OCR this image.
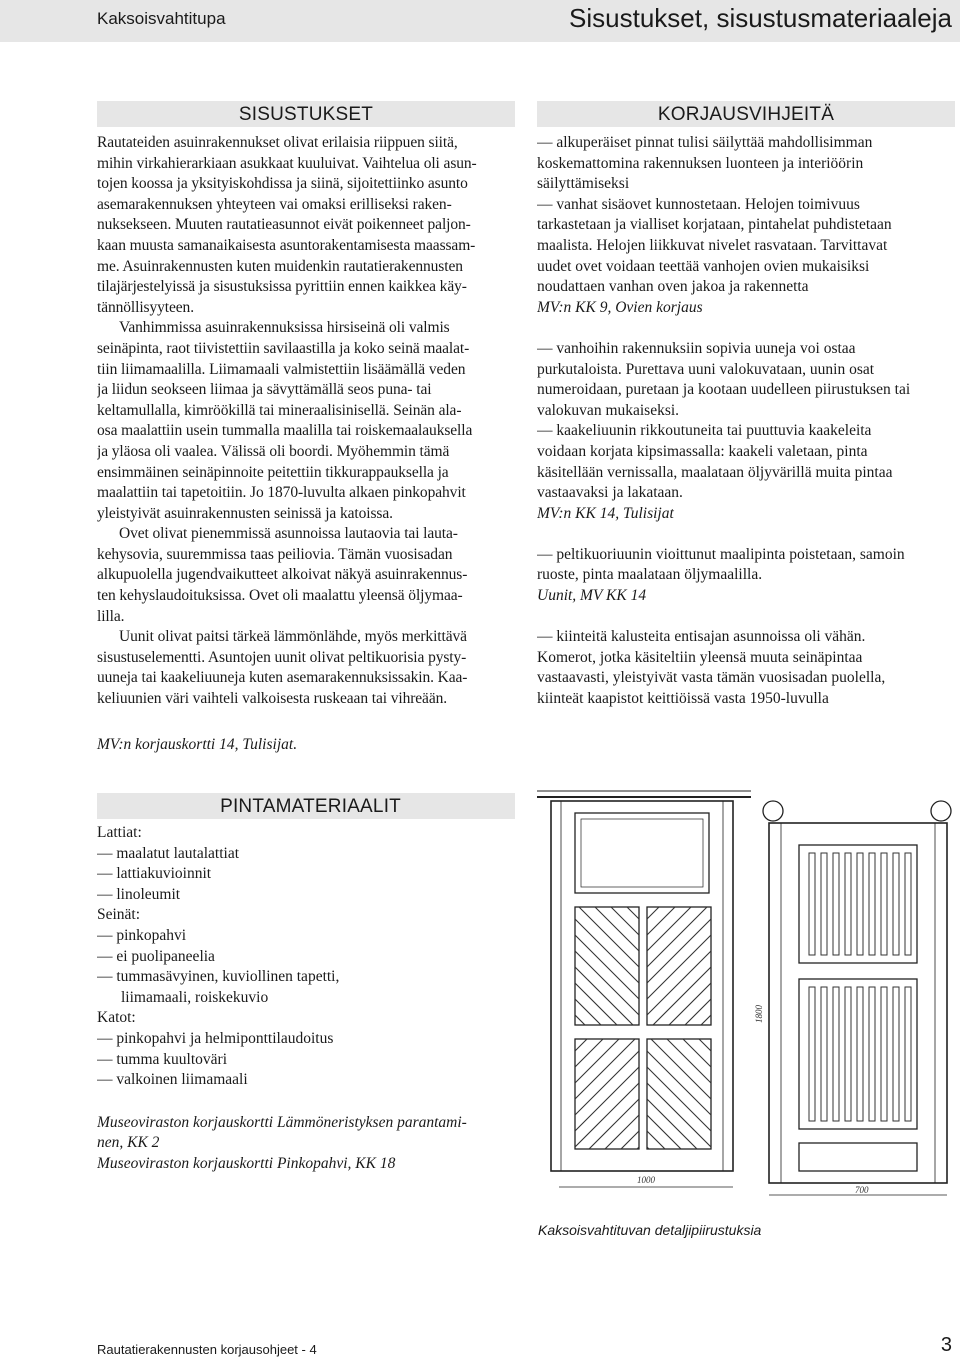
Kaksoisvahtitupa	Sisustukset, sisustusmateriaaleja
SISUSTUKSET
Rautateiden asuinrakennukset olivat erilaisia riippuen siitä,
mihin virkahierarkiaan asukkaat kuuluivat. Vaihtelua oli asun-
tojen koossa ja yksityiskohdissa ja siinä, sijoitettiinko asunto
asemarakennuksen yhteyteen vai omaksi erilliseksi raken-
nuksekseen. Muuten rautatieasunnot eivät poikenneet paljon-
kaan muusta samanaikaisesta asuntorakentamisesta maassam-
me. Asuinrakennusten kuten muidenkin rautatierakennusten
tilajärjestelyissä ja sisustuksissa pyrittiin ennen kaikkea käy-
tännöllisyyteen.
Vanhimmissa asuinrakennuksissa hirsiseinä oli valmis
seinäpinta, raot tiivistettiin savilaastilla ja koko seinä maalat-
tiin liimamaalilla. Liimamaali valmistettiin lisäämällä veden
ja liidun seokseen liimaa ja sävyttämällä seos puna- tai
keltamullalla, kimröökillä tai mineraalisinisellä. Seinän ala-
osa maalattiin usein tummalla maalilla tai roiskemaalauksella
ja yläosa oli vaalea. Välissä oli boordi. Myöhemmin tämä
ensimmäinen seinäpinnoite peitettiin tikkurappauksella ja
maalattiin tai tapetoitiin. Jo 1870-luvulta alkaen pinkopahvit
yleistyivät asuinrakennusten seinissä ja katoissa.
Ovet olivat pienemmissä asunnoissa lautaovia tai lauta-
kehysovia, suuremmissa taas peiliovia. Tämän vuosisadan
alkupuolella jugendvaikutteet alkoivat näkyä asuinrakennus-
ten kehyslaudoituksissa. Ovet oli maalattu yleensä öljymaa-
lilla.
Uunit olivat paitsi tärkeä lämmönlähde, myös merkittävä
sisustuselementti. Asuntojen uunit olivat peltikuorisia pysty-
uuneja tai kaakeliuuneja kuten asemarakennuksissakin. Kaa-
keliuunien väri vaihteli valkoisesta ruskeaan tai vihreään.
MV:n korjauskortti 14, Tulisijat.
KORJAUSVIHJEITÄ
— alkuperäiset pinnat tulisi säilyttää mahdollisimman
koskemattomina rakennuksen luonteen ja interiöörin
säilyttämiseksi
— vanhat sisäovet kunnostetaan. Helojen toimivuus
tarkastetaan ja vialliset korjataan, pintahelat puhdistetaan
maalista. Helojen liikkuvat nivelet rasvataan. Tarvittavat
uudet ovet voidaan teettää vanhojen ovien mukaisiksi
noudattaen vanhan oven jakoa ja rakennetta
MV:n KK 9, Ovien korjaus

— vanhoihin rakennuksiin sopivia uuneja voi ostaa
purkutaloista. Purettava uuni valokuvataan, uunin osat
numeroidaan, puretaan ja kootaan uudelleen piirustuksen tai
valokuvan mukaiseksi.
— kaakeliuunin rikkoutuneita tai puuttuvia kaakeleita
voidaan korjata kipsimassalla: kaakeli valetaan, pinta
käsitellään vernissalla, maalataan öljyvärillä muita pintaa
vastaavaksi ja lakataan.
MV:n KK 14, Tulisijat

— peltikuoriuunin vioittunut maalipinta poistetaan, samoin
ruoste, pinta maalataan öljymaalilla.
Uunit, MV KK 14

— kiinteitä kalusteita entisajan asunnoissa oli vähän.
Komerot, jotka käsiteltiin yleensä muuta seinäpintaa
vastaavasti, yleistyivät vasta tämän vuosisadan puolella,
kiinteät kaapistot keittiöissä vasta 1950-luvulla
PINTAMATERIAALIT
Lattiat:
— maalatut lautalattiat
— lattiakuvioinnit
— linoleumit
Seinät:
— pinkopahvi
— ei puolipaneelia
— tummasävyinen, kuviollinen tapetti,
liimamaali, roiskekuvio
Katot:
— pinkopahvi ja helmiponttilaudoitus
— tumma kuultoväri
— valkoinen liimamaali
Museoviraston korjauskortti Lämmöneristyksen parantami-
nen, KK 2
Museoviraston korjauskortti Pinkopahvi, KK 18
1000
700
1800
Kaksoisvahtituvan detaljipiirustuksia
Rautatierakennusten korjausohjeet - 4	3
